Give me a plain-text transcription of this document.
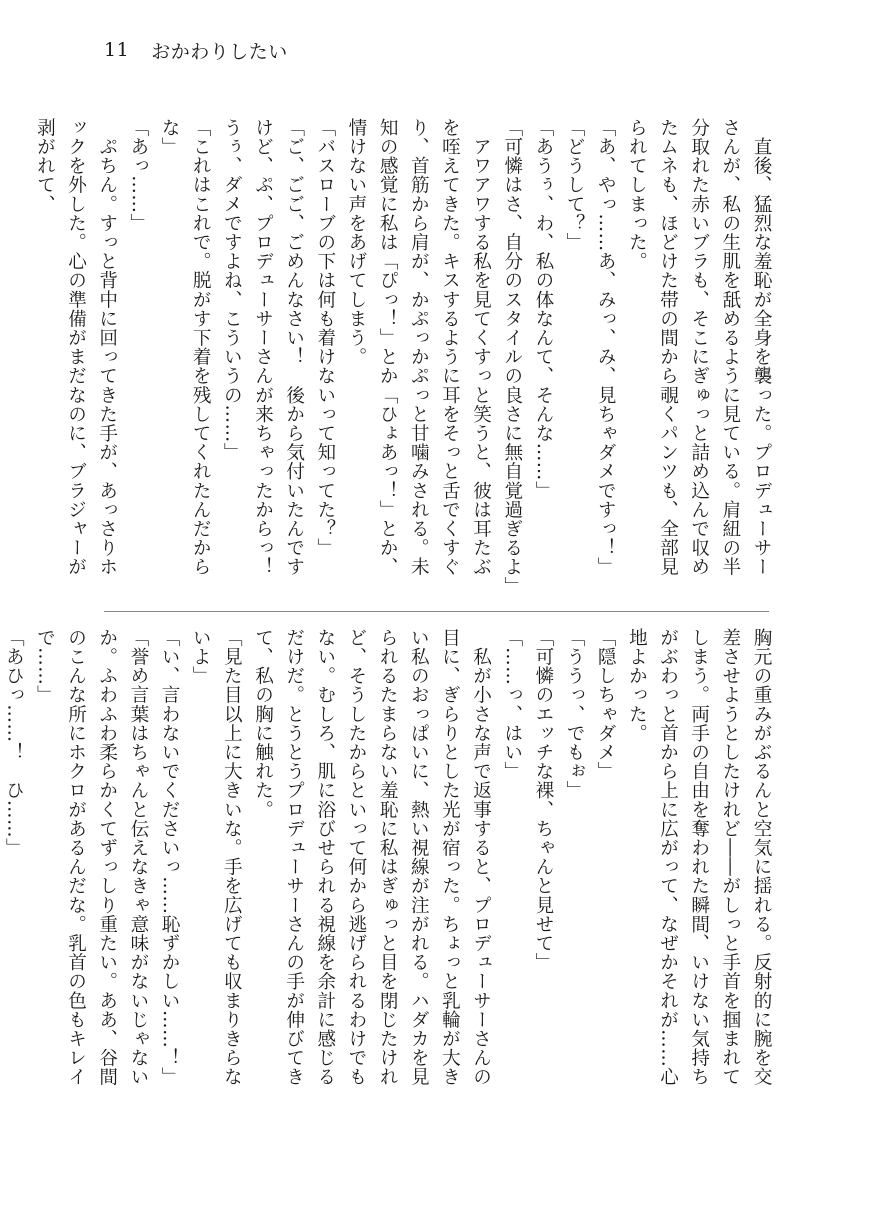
11 おかわりしたい

　直後、猛烈な羞恥が全身を襲った。プロデューサーさんが、私の生肌を舐めるように見ている。肩紐の半分取れた赤いブラも、そこにぎゅっと詰め込んで収めたムネも、ほどけた帯の間から覗くパンツも、全部見られてしまった。

「あ、やっ……あ、みっ、み、見ちゃダメですっ！」

「どうして？」

「あうぅ、わ、私の体なんて、そんな……」

「可憐はさ、自分のスタイルの良さに無自覚過ぎるよ」

　アワアワする私を見てくすっと笑うと、彼は耳たぶを咥えてきた。キスするように耳をそっと舌でくすぐり、首筋から肩が、かぷっかぷっと甘噛みされる。未知の感覚に私は「ぴっ！」とか「ひょあっ！」とか、情けない声をあげてしまう。

「バスローブの下は何も着けないって知ってた？」

「ご、ごご、ごめんなさい！　後から気付いたんですけど、ぷ、プロデューサーさんが来ちゃったからっ！　うぅ、ダメですよね、こういうの……」

「これはこれで。脱がす下着を残してくれたんだからな」

「あっ……」

　ぷちん。すっと背中に回ってきた手が、あっさりホックを外した。心の準備がまだなのに、ブラジャーが剥がれて、

胸元の重みがぶるんと空気に揺れる。反射的に腕を交差させようとしたけれど――がしっと手首を掴まれてしまう。両手の自由を奪われた瞬間、いけない気持ちがぶわっと首から上に広がって、なぜかそれが……心地よかった。

「隠しちゃダメ」

「ううっ、でもぉ」

「可憐のエッチな裸、ちゃんと見せて」

「……っ、はい」

　私が小さな声で返事すると、プロデューサーさんの目に、ぎらりとした光が宿った。ちょっと乳輪が大きい私のおっぱいに、熱い視線が注がれる。ハダカを見られるたまらない羞恥に私はぎゅっと目を閉じたけれど、そうしたからといって何から逃げられるわけでもない。むしろ、肌に浴びせられる視線を余計に感じるだけだ。とうとうプロデューサーさんの手が伸びてきて、私の胸に触れた。

「見た目以上に大きいな。手を広げても収まりきらないよ」

「い、言わないでくださいっ……恥ずかしい……！」

「誉め言葉はちゃんと伝えなきゃ意味がないじゃないか。ふわふわ柔らかくてずっしり重たい。ああ、谷間のこんな所にホクロがあるんだな。乳首の色もキレイで……」

「あひっ……！　ひ……」
